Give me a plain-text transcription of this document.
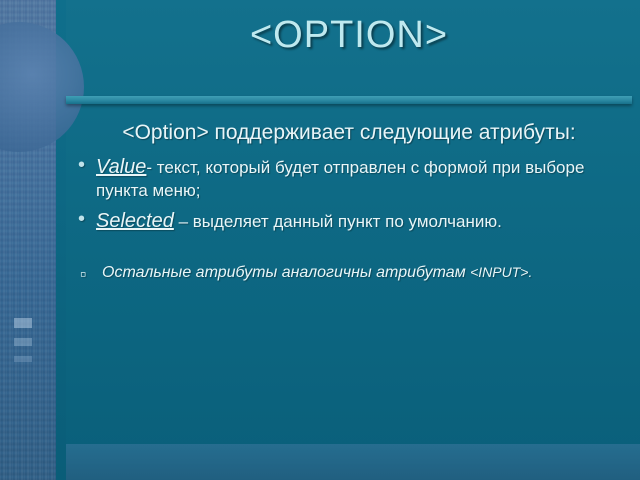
<OPTION>
<Option> поддерживает следующие атрибуты:
• Value- текст, который будет отправлен с формой при выборе пункта меню;
• Selected – выделяет данный пункт по умолчанию.
▫ Остальные атрибуты аналогичны атрибутам <INPUT>.
